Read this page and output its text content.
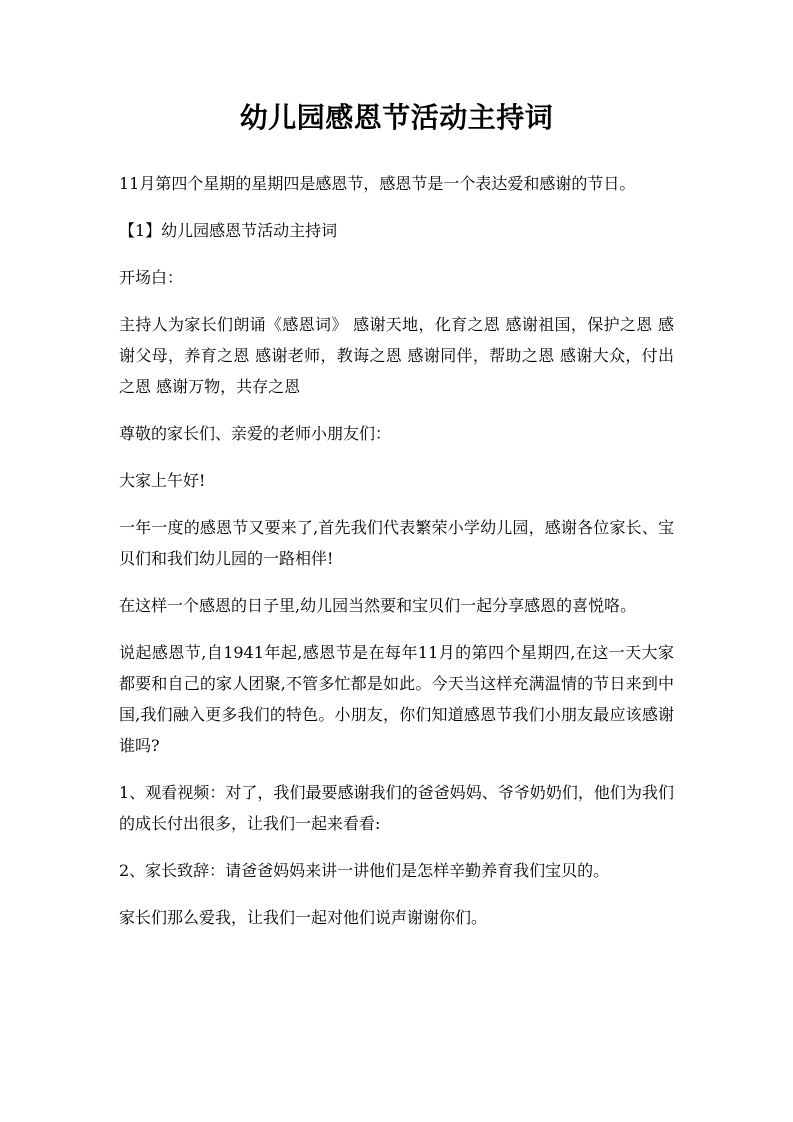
幼儿园感恩节活动主持词

11月第四个星期的星期四是感恩节，感恩节是一个表达爱和感谢的节日。

【1】幼儿园感恩节活动主持词

开场白：

主持人为家长们朗诵《感恩词》 感谢天地，化育之恩 感谢祖国，保护之恩 感谢父母，养育之恩 感谢老师，教诲之恩 感谢同伴，帮助之恩 感谢大众，付出之恩 感谢万物，共存之恩

尊敬的家长们、亲爱的老师小朋友们：

大家上午好!

一年一度的感恩节又要来了,首先我们代表繁荣小学幼儿园，感谢各位家长、宝贝们和我们幼儿园的一路相伴!

在这样一个感恩的日子里,幼儿园当然要和宝贝们一起分享感恩的喜悦咯。

说起感恩节,自1941年起,感恩节是在每年11月的第四个星期四,在这一天大家都要和自己的家人团聚,不管多忙都是如此。今天当这样充满温情的节日来到中国,我们融入更多我们的特色。小朋友，你们知道感恩节我们小朋友最应该感谢谁吗?

1、观看视频：对了，我们最要感谢我们的爸爸妈妈、爷爷奶奶们，他们为我们的成长付出很多，让我们一起来看看:

2、家长致辞：请爸爸妈妈来讲一讲他们是怎样辛勤养育我们宝贝的。

家长们那么爱我，让我们一起对他们说声谢谢你们。
